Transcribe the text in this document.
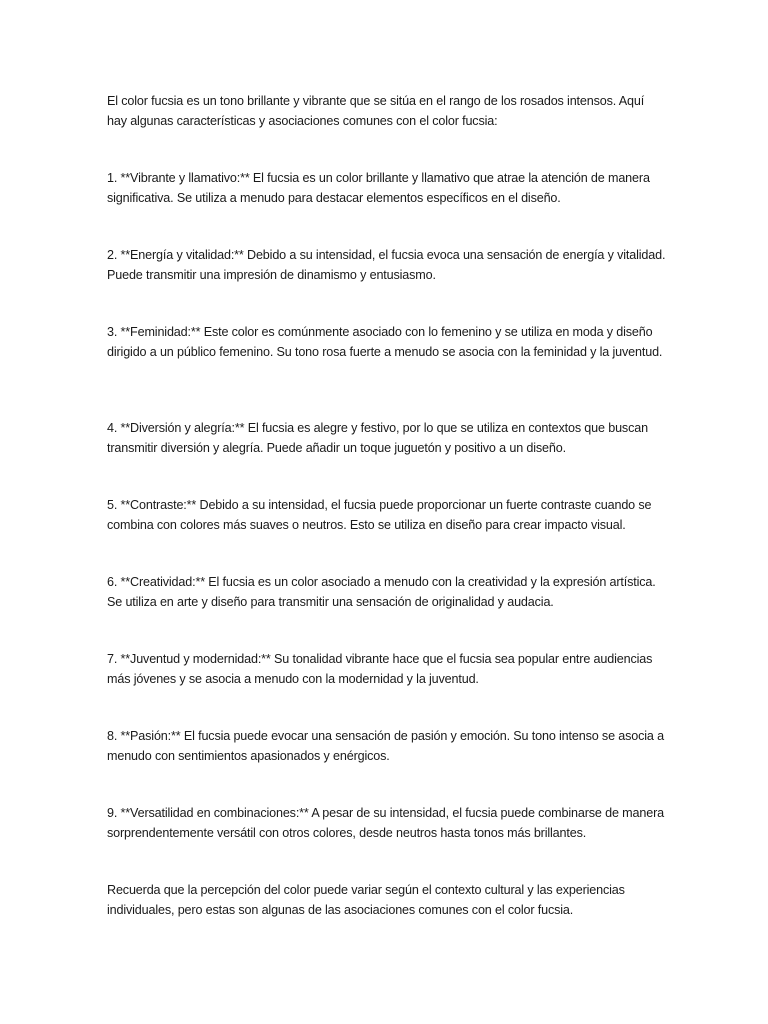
El color fucsia es un tono brillante y vibrante que se sitúa en el rango de los rosados intensos. Aquí hay algunas características y asociaciones comunes con el color fucsia:

1. **Vibrante y llamativo:** El fucsia es un color brillante y llamativo que atrae la atención de manera significativa. Se utiliza a menudo para destacar elementos específicos en el diseño.

2. **Energía y vitalidad:** Debido a su intensidad, el fucsia evoca una sensación de energía y vitalidad. Puede transmitir una impresión de dinamismo y entusiasmo.

3. **Feminidad:** Este color es comúnmente asociado con lo femenino y se utiliza en moda y diseño dirigido a un público femenino. Su tono rosa fuerte a menudo se asocia con la feminidad y la juventud.

4. **Diversión y alegría:** El fucsia es alegre y festivo, por lo que se utiliza en contextos que buscan transmitir diversión y alegría. Puede añadir un toque juguetón y positivo a un diseño.

5. **Contraste:** Debido a su intensidad, el fucsia puede proporcionar un fuerte contraste cuando se combina con colores más suaves o neutros. Esto se utiliza en diseño para crear impacto visual.

6. **Creatividad:** El fucsia es un color asociado a menudo con la creatividad y la expresión artística. Se utiliza en arte y diseño para transmitir una sensación de originalidad y audacia.

7. **Juventud y modernidad:** Su tonalidad vibrante hace que el fucsia sea popular entre audiencias más jóvenes y se asocia a menudo con la modernidad y la juventud.

8. **Pasión:** El fucsia puede evocar una sensación de pasión y emoción. Su tono intenso se asocia a menudo con sentimientos apasionados y enérgicos.

9. **Versatilidad en combinaciones:** A pesar de su intensidad, el fucsia puede combinarse de manera sorprendentemente versátil con otros colores, desde neutros hasta tonos más brillantes.

Recuerda que la percepción del color puede variar según el contexto cultural y las experiencias individuales, pero estas son algunas de las asociaciones comunes con el color fucsia.
